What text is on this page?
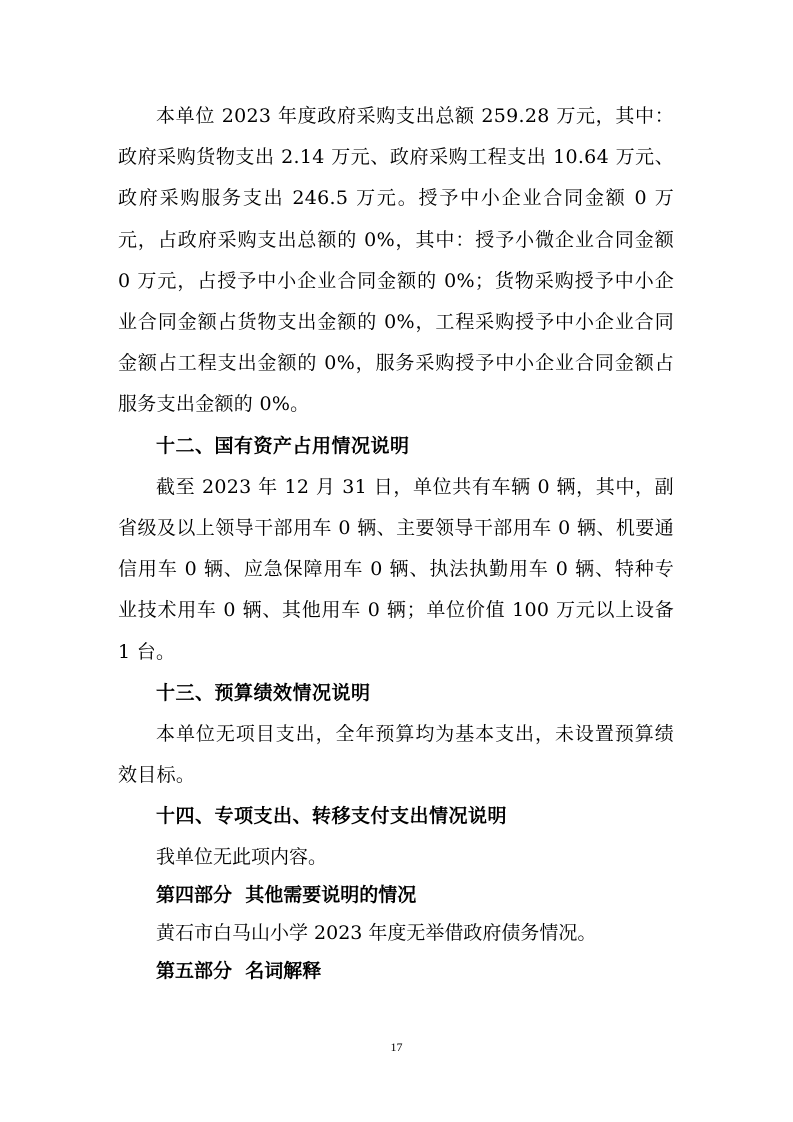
本单位 2023 年度政府采购支出总额 259.28 万元，其中：政府采购货物支出 2.14 万元、政府采购工程支出 10.64 万元、政府采购服务支出 246.5 万元。授予中小企业合同金额 0 万元，占政府采购支出总额的 0%，其中：授予小微企业合同金额 0 万元，占授予中小企业合同金额的 0%；货物采购授予中小企业合同金额占货物支出金额的 0%，工程采购授予中小企业合同金额占工程支出金额的 0%，服务采购授予中小企业合同金额占服务支出金额的 0%。

十二、国有资产占用情况说明

截至 2023 年 12 月 31 日，单位共有车辆 0 辆，其中，副省级及以上领导干部用车 0 辆、主要领导干部用车 0 辆、机要通信用车 0 辆、应急保障用车 0 辆、执法执勤用车 0 辆、特种专业技术用车 0 辆、其他用车 0 辆；单位价值 100 万元以上设备 1 台。

十三、预算绩效情况说明

本单位无项目支出，全年预算均为基本支出，未设置预算绩效目标。

十四、专项支出、转移支付支出情况说明

我单位无此项内容。

第四部分  其他需要说明的情况

黄石市白马山小学 2023 年度无举借政府债务情况。

第五部分  名词解释

17
